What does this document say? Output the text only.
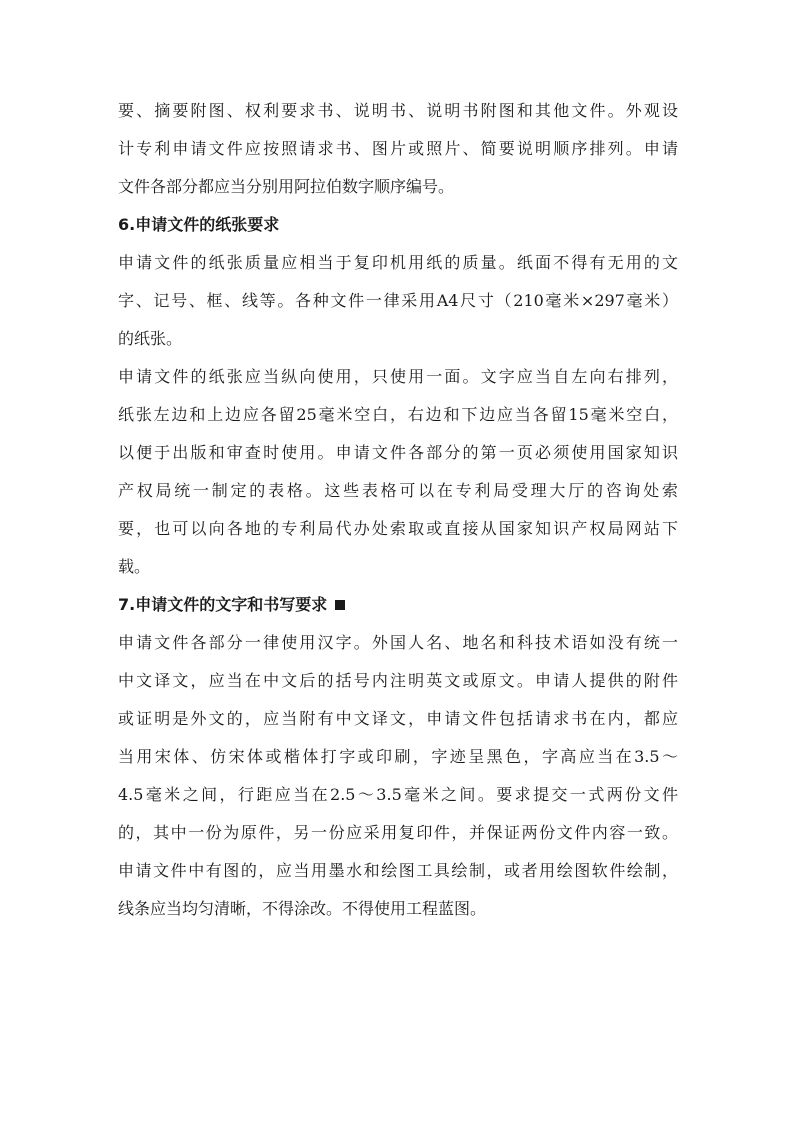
要、摘要附图、权利要求书、说明书、说明书附图和其他文件。外观设
计专利申请文件应按照请求书、图片或照片、简要说明顺序排列。申请
文件各部分都应当分别用阿拉伯数字顺序编号。
6.申请文件的纸张要求
申请文件的纸张质量应相当于复印机用纸的质量。纸面不得有无用的文
字、记号、框、线等。各种文件一律采用A4尺寸（210毫米×297毫米）
的纸张。
申请文件的纸张应当纵向使用，只使用一面。文字应当自左向右排列，
纸张左边和上边应各留25毫米空白，右边和下边应当各留15毫米空白，
以便于出版和审查时使用。申请文件各部分的第一页必须使用国家知识
产权局统一制定的表格。这些表格可以在专利局受理大厅的咨询处索
要，也可以向各地的专利局代办处索取或直接从国家知识产权局网站下
载。
7.申请文件的文字和书写要求
申请文件各部分一律使用汉字。外国人名、地名和科技术语如没有统一
中文译文，应当在中文后的括号内注明英文或原文。申请人提供的附件
或证明是外文的，应当附有中文译文，申请文件包括请求书在内，都应
当用宋体、仿宋体或楷体打字或印刷，字迹呈黑色，字高应当在3.5～
4.5毫米之间，行距应当在2.5～3.5毫米之间。要求提交一式两份文件
的，其中一份为原件，另一份应采用复印件，并保证两份文件内容一致。
申请文件中有图的，应当用墨水和绘图工具绘制，或者用绘图软件绘制，
线条应当均匀清晰，不得涂改。不得使用工程蓝图。
